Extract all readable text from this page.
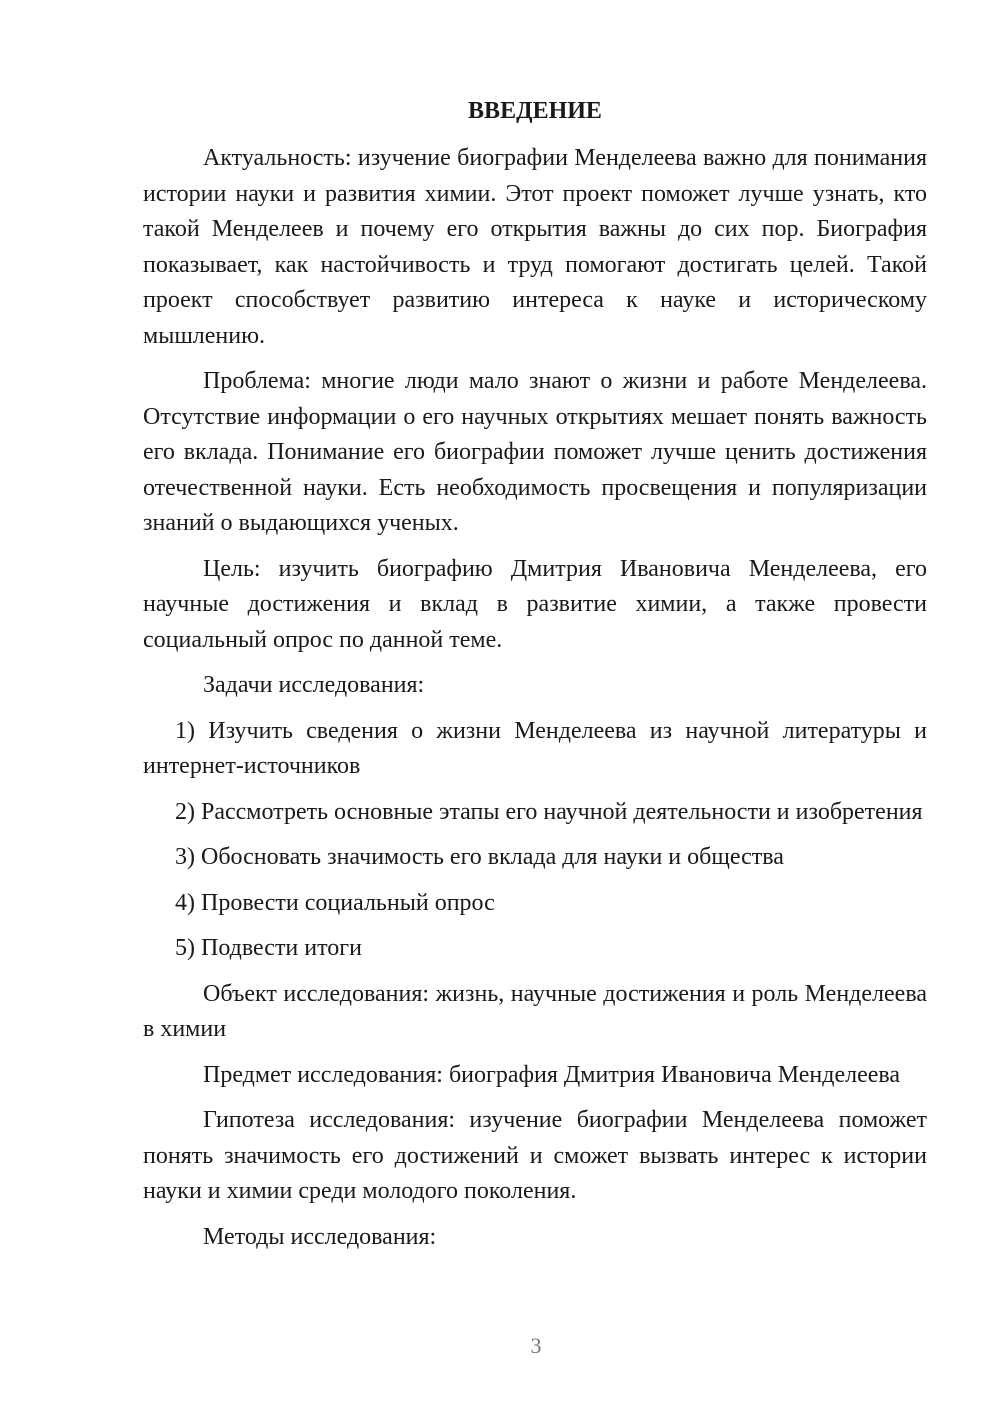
ВВЕДЕНИЕ

Актуальность: изучение биографии Менделеева важно для понимания истории науки и развития химии. Этот проект поможет лучше узнать, кто такой Менделеев и почему его открытия важны до сих пор. Биография показывает, как настойчивость и труд помогают достигать целей. Такой проект способствует развитию интереса к науке и историческому мышлению.

Проблема: многие люди мало знают о жизни и работе Менделеева. Отсутствие информации о его научных открытиях мешает понять важность его вклада. Понимание его биографии поможет лучше ценить достижения отечественной науки. Есть необходимость просвещения и популяризации знаний о выдающихся ученых.

Цель: изучить биографию Дмитрия Ивановича Менделеева, его научные достижения и вклад в развитие химии, а также провести социальный опрос по данной теме.

Задачи исследования:

1) Изучить сведения о жизни Менделеева из научной литературы и интернет-источников

2) Рассмотреть основные этапы его научной деятельности и изобретения

3) Обосновать значимость его вклада для науки и общества

4) Провести социальный опрос

5) Подвести итоги

Объект исследования: жизнь, научные достижения и роль Менделеева в химии

Предмет исследования: биография Дмитрия Ивановича Менделеева

Гипотеза исследования: изучение биографии Менделеева поможет понять значимость его достижений и сможет вызвать интерес к истории науки и химии среди молодого поколения.

Методы исследования:

3
